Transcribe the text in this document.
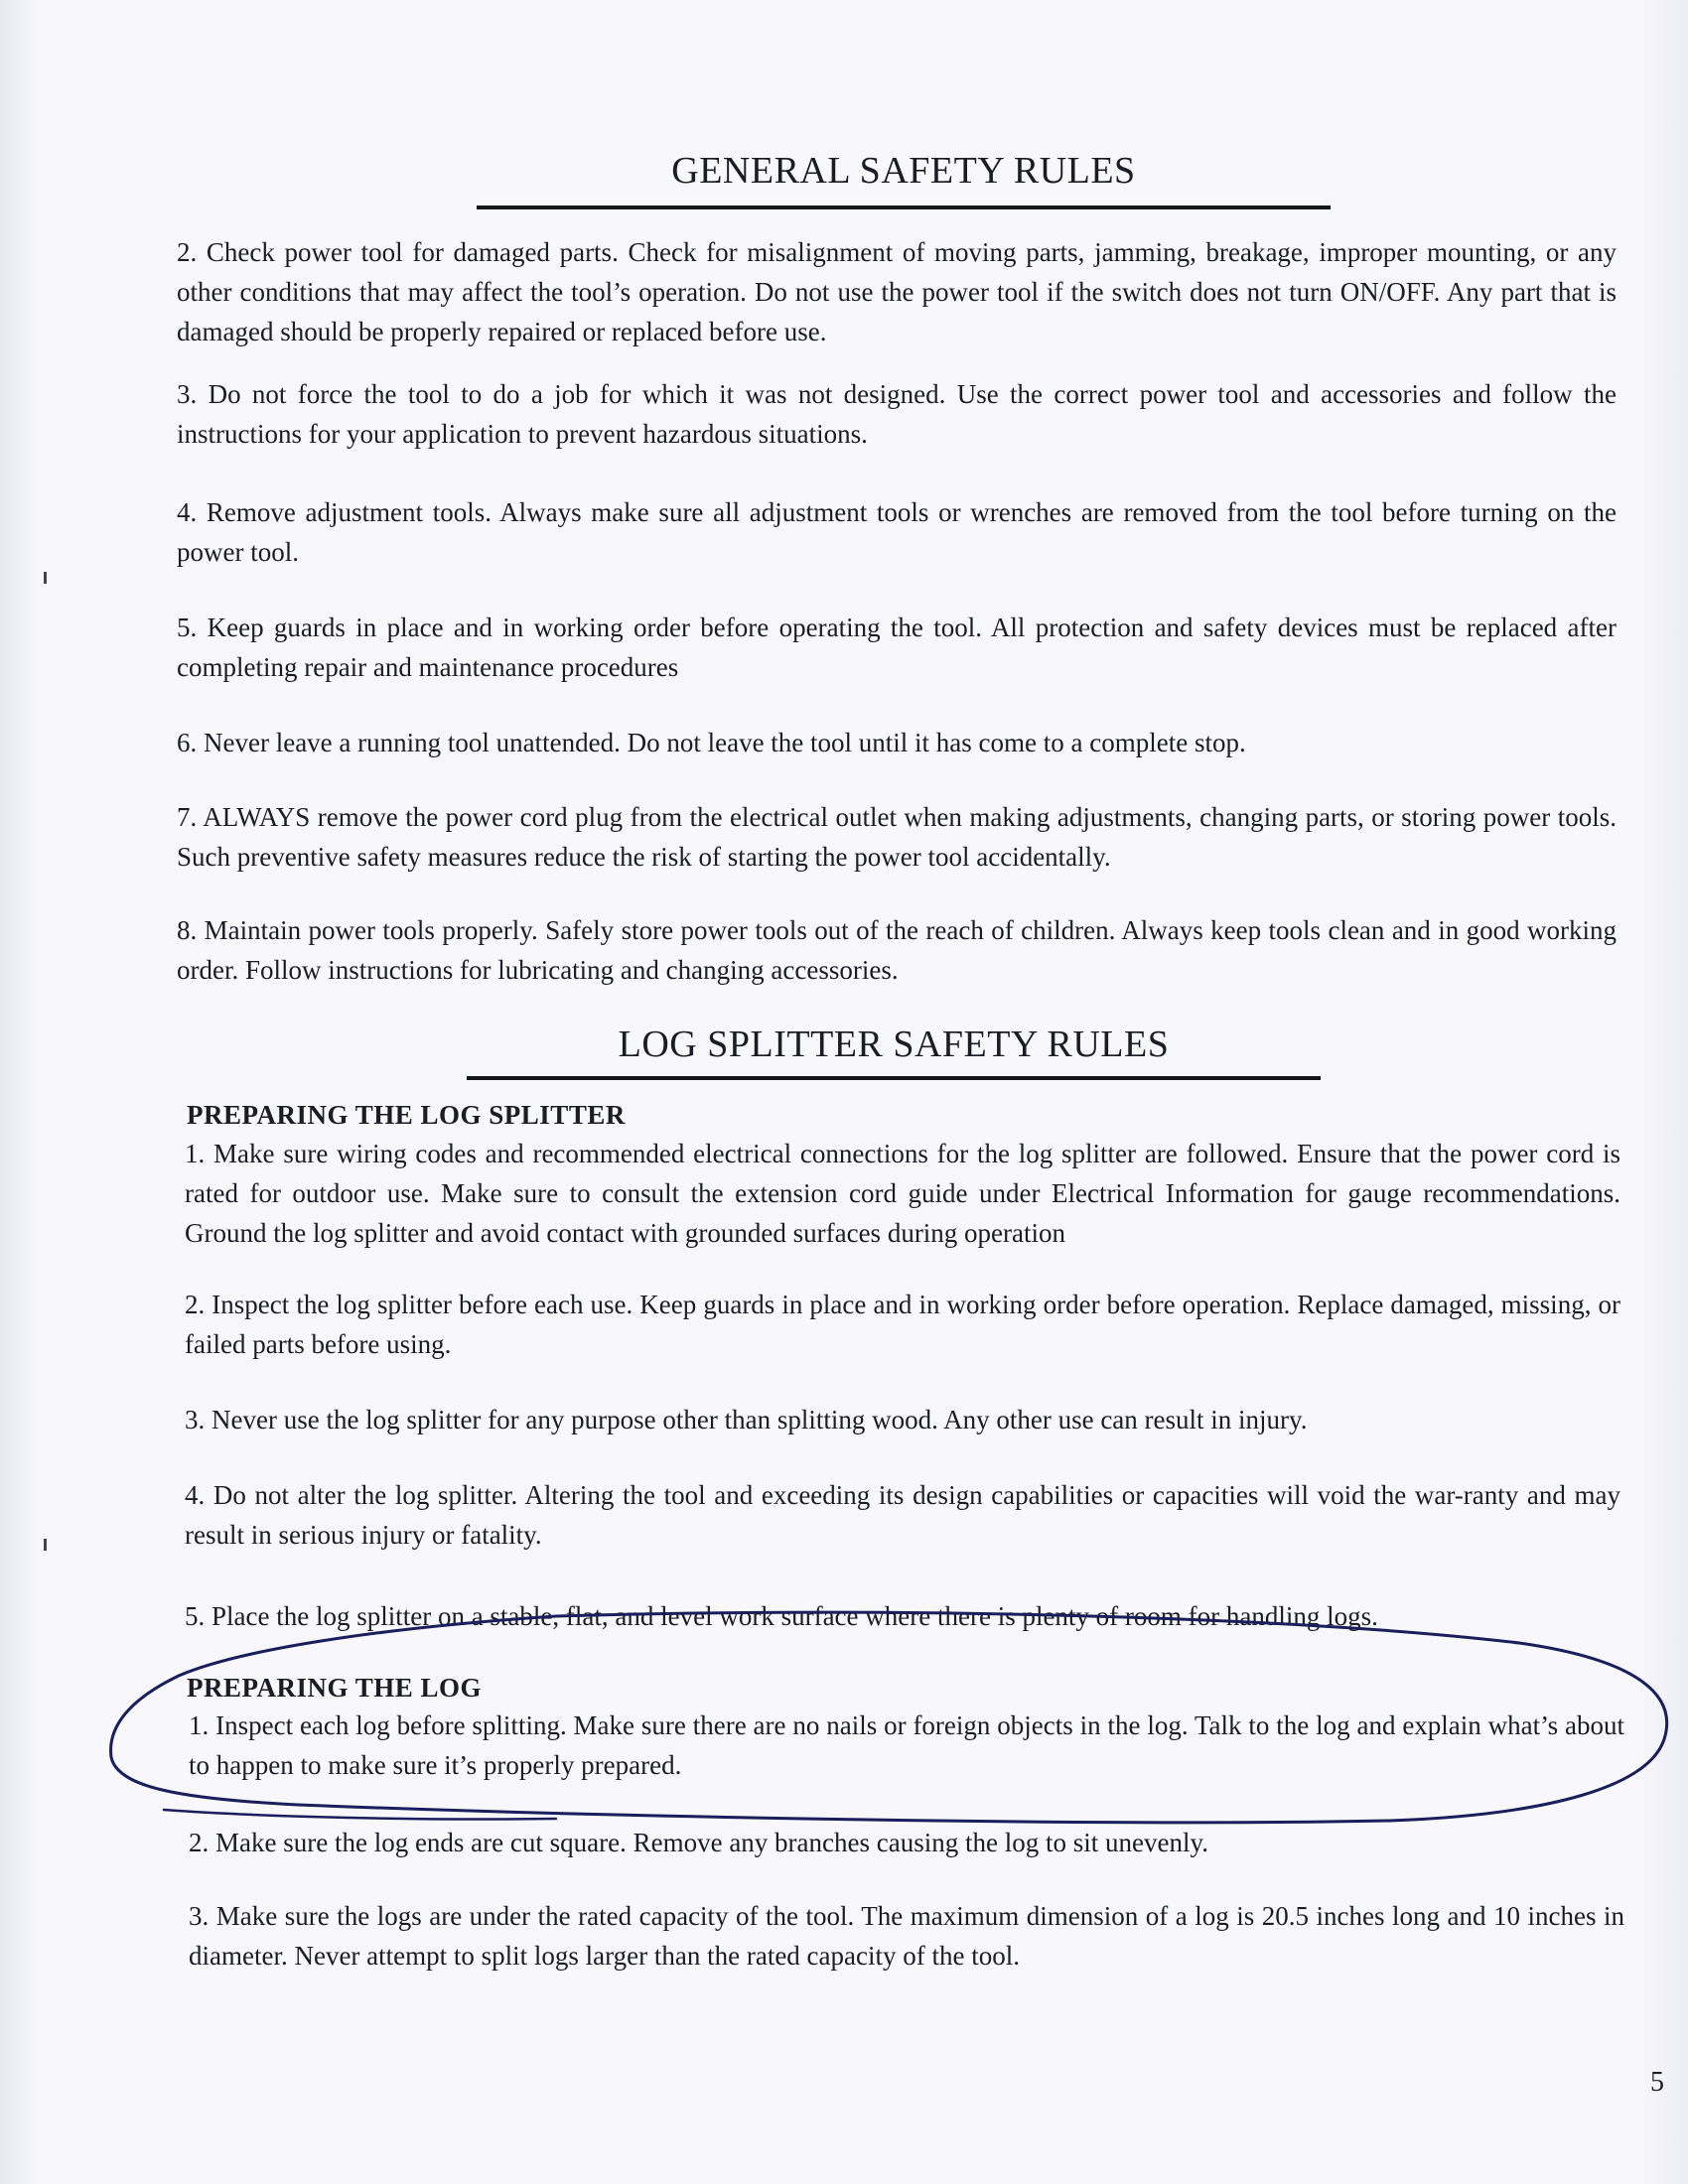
GENERAL SAFETY RULES
2. Check power tool for damaged parts. Check for misalignment of moving parts, jamming, breakage, improper mounting, or any other conditions that may affect the tool’s operation. Do not use the power tool if the switch does not turn ON/OFF. Any part that is damaged should be properly repaired or replaced before use.
3. Do not force the tool to do a job for which it was not designed. Use the correct power tool and accessories and follow the instructions for your application to prevent hazardous situations.
4. Remove adjustment tools. Always make sure all adjustment tools or wrenches are removed from the tool before turning on the power tool.
5. Keep guards in place and in working order before operating the tool. All protection and safety devices must be replaced after completing repair and maintenance procedures
6. Never leave a running tool unattended. Do not leave the tool until it has come to a complete stop.
7. ALWAYS remove the power cord plug from the electrical outlet when making adjustments, changing parts, or storing power tools. Such preventive safety measures reduce the risk of starting the power tool accidentally.
8. Maintain power tools properly. Safely store power tools out of the reach of children. Always keep tools clean and in good working order. Follow instructions for lubricating and changing accessories.
LOG SPLITTER SAFETY RULES
PREPARING THE LOG SPLITTER
1. Make sure wiring codes and recommended electrical connections for the log splitter are followed. Ensure that the power cord is rated for outdoor use. Make sure to consult the extension cord guide under Electrical Information for gauge recommendations. Ground the log splitter and avoid contact with grounded surfaces during operation
2. Inspect the log splitter before each use. Keep guards in place and in working order before operation. Replace damaged, missing, or failed parts before using.
3. Never use the log splitter for any purpose other than splitting wood. Any other use can result in injury.
4. Do not alter the log splitter. Altering the tool and exceeding its design capabilities or capacities will void the war-ranty and may result in serious injury or fatality.
5. Place the log splitter on a stable, flat, and level work surface where there is plenty of room for handling logs.
PREPARING THE LOG
1. Inspect each log before splitting. Make sure there are no nails or foreign objects in the log. Talk to the log and explain what’s about to happen to make sure it’s properly prepared.
2. Make sure the log ends are cut square. Remove any branches causing the log to sit unevenly.
3. Make sure the logs are under the rated capacity of the tool. The maximum dimension of a log is 20.5 inches long and 10 inches in diameter. Never attempt to split logs larger than the rated capacity of the tool.
5
